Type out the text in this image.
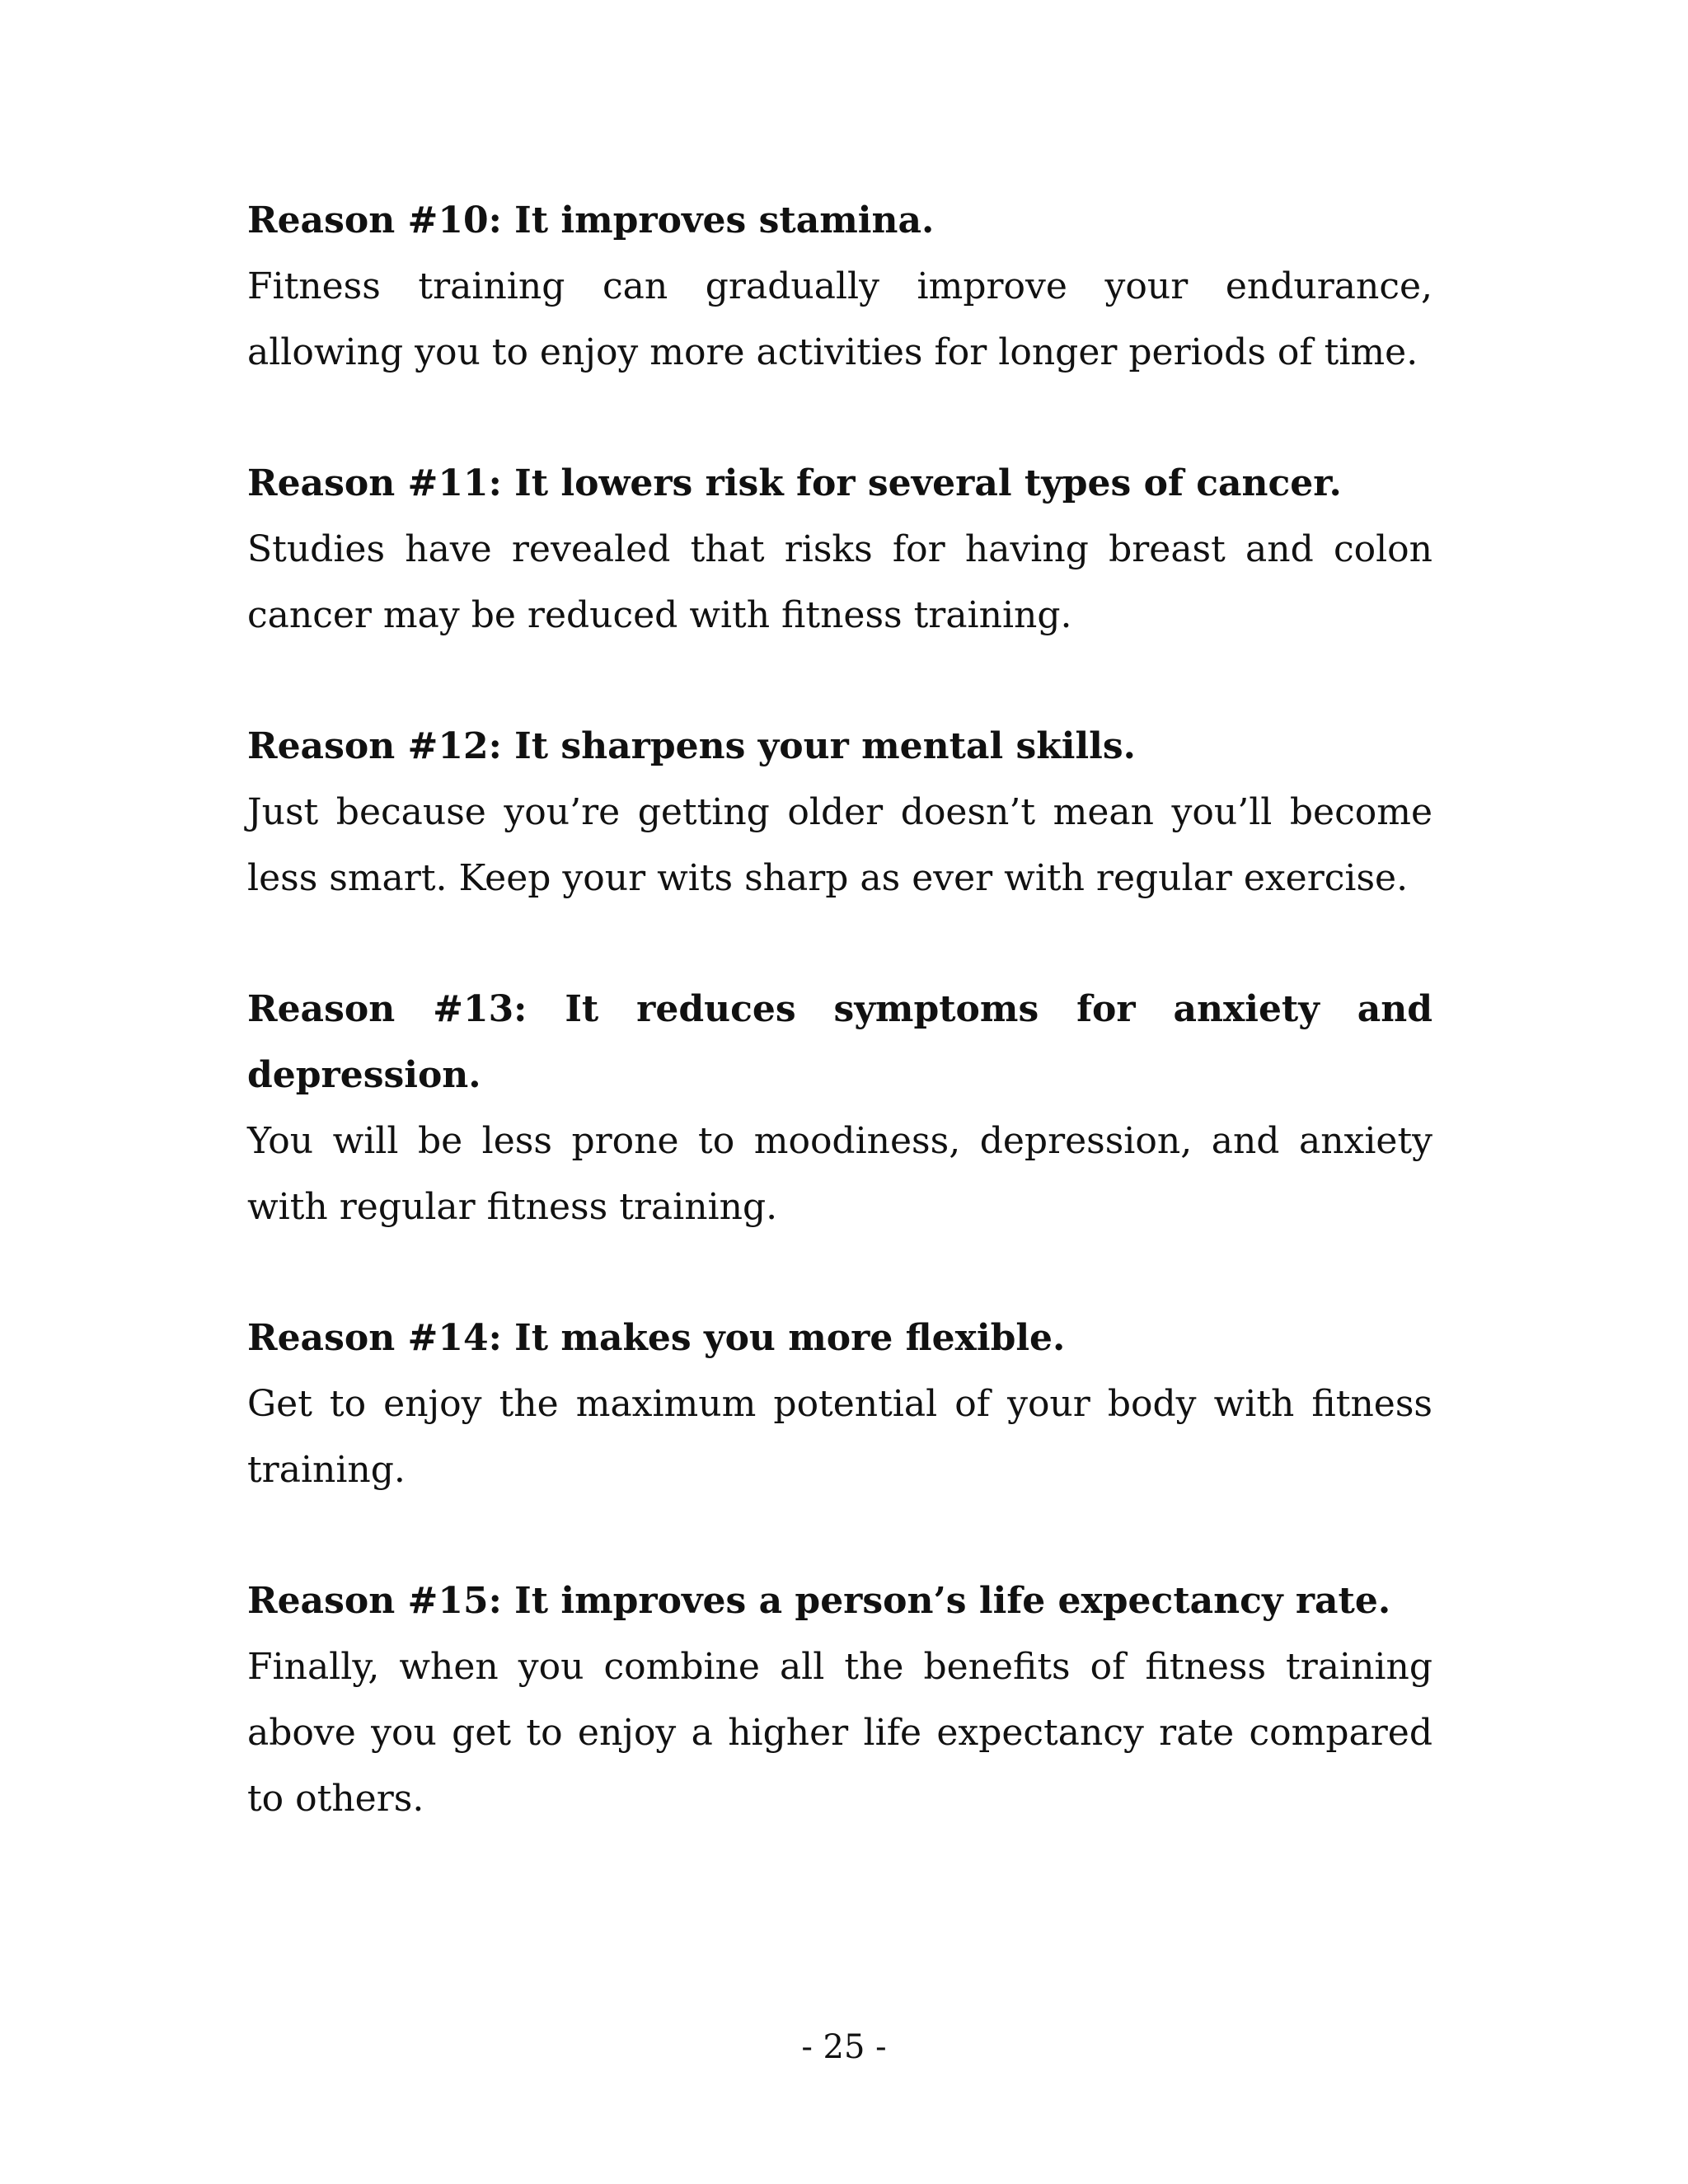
Reason #10: It improves stamina.

Fitness training can gradually improve your endurance, allowing you to enjoy more activities for longer periods of time.

Reason #11: It lowers risk for several types of cancer.

Studies have revealed that risks for having breast and colon cancer may be reduced with fitness training.

Reason #12: It sharpens your mental skills.

Just because you’re getting older doesn’t mean you’ll become less smart. Keep your wits sharp as ever with regular exercise.

Reason #13: It reduces symptoms for anxiety and depression.

You will be less prone to moodiness, depression, and anxiety with regular fitness training.

Reason #14: It makes you more flexible.

Get to enjoy the maximum potential of your body with fitness training.

Reason #15: It improves a person’s life expectancy rate.

Finally, when you combine all the benefits of fitness training above you get to enjoy a higher life expectancy rate compared to others.

- 25 -
